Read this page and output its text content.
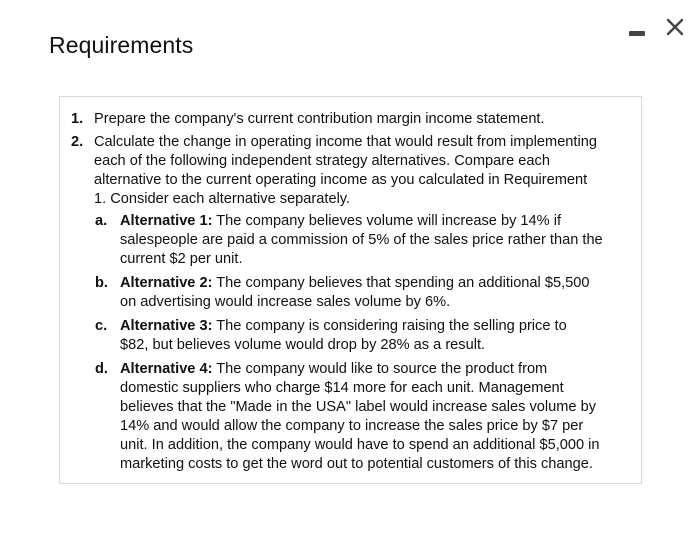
Requirements
1. Prepare the company's current contribution margin income statement.
2. Calculate the change in operating income that would result from implementing
each of the following independent strategy alternatives. Compare each
alternative to the current operating income as you calculated in Requirement
1. Consider each alternative separately.
a. Alternative 1: The company believes volume will increase by 14% if
salespeople are paid a commission of 5% of the sales price rather than the
current $2 per unit.
b. Alternative 2: The company believes that spending an additional $5,500
on advertising would increase sales volume by 6%.
c. Alternative 3: The company is considering raising the selling price to
$82, but believes volume would drop by 28% as a result.
d. Alternative 4: The company would like to source the product from
domestic suppliers who charge $14 more for each unit. Management
believes that the "Made in the USA" label would increase sales volume by
14% and would allow the company to increase the sales price by $7 per
unit. In addition, the company would have to spend an additional $5,000 in
marketing costs to get the word out to potential customers of this change.
